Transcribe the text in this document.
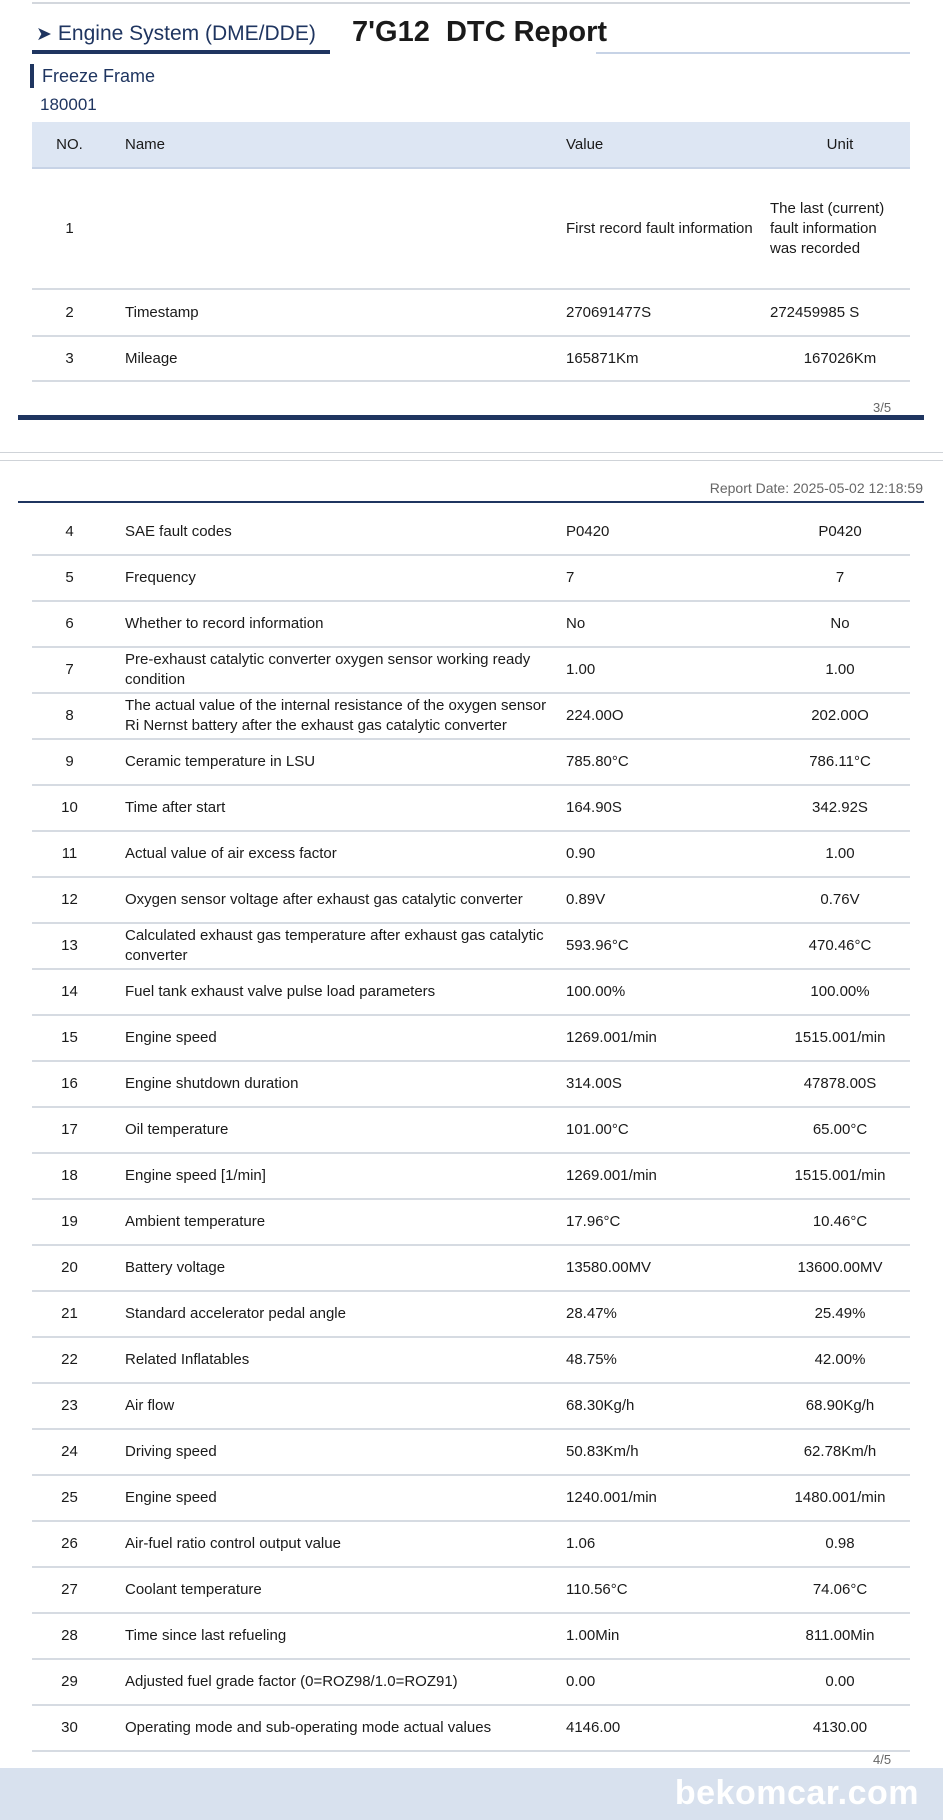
➤ Engine System (DME/DDE)	7'G12  DTC Report
Freeze Frame
180001
NO.	Name	Value	Unit
1		First record fault information	The last (current) fault information was recorded
2	Timestamp	270691477S	272459985 S
3	Mileage	165871Km	167026Km
3/5
Report Date: 2025-05-02 12:18:59
4	SAE fault codes	P0420	P0420
5	Frequency	7	7
6	Whether to record information	No	No
7	Pre-exhaust catalytic converter oxygen sensor working ready condition	1.00	1.00
8	The actual value of the internal resistance of the oxygen sensor Ri Nernst battery after the exhaust gas catalytic converter	224.00O	202.00O
9	Ceramic temperature in LSU	785.80°C	786.11°C
10	Time after start	164.90S	342.92S
11	Actual value of air excess factor	0.90	1.00
12	Oxygen sensor voltage after exhaust gas catalytic converter	0.89V	0.76V
13	Calculated exhaust gas temperature after exhaust gas catalytic converter	593.96°C	470.46°C
14	Fuel tank exhaust valve pulse load parameters	100.00%	100.00%
15	Engine speed	1269.001/min	1515.001/min
16	Engine shutdown duration	314.00S	47878.00S
17	Oil temperature	101.00°C	65.00°C
18	Engine speed [1/min]	1269.001/min	1515.001/min
19	Ambient temperature	17.96°C	10.46°C
20	Battery voltage	13580.00MV	13600.00MV
21	Standard accelerator pedal angle	28.47%	25.49%
22	Related Inflatables	48.75%	42.00%
23	Air flow	68.30Kg/h	68.90Kg/h
24	Driving speed	50.83Km/h	62.78Km/h
25	Engine speed	1240.001/min	1480.001/min
26	Air-fuel ratio control output value	1.06	0.98
27	Coolant temperature	110.56°C	74.06°C
28	Time since last refueling	1.00Min	811.00Min
29	Adjusted fuel grade factor (0=ROZ98/1.0=ROZ91)	0.00	0.00
30	Operating mode and sub-operating mode actual values	4146.00	4130.00
4/5
bekomcar.com
